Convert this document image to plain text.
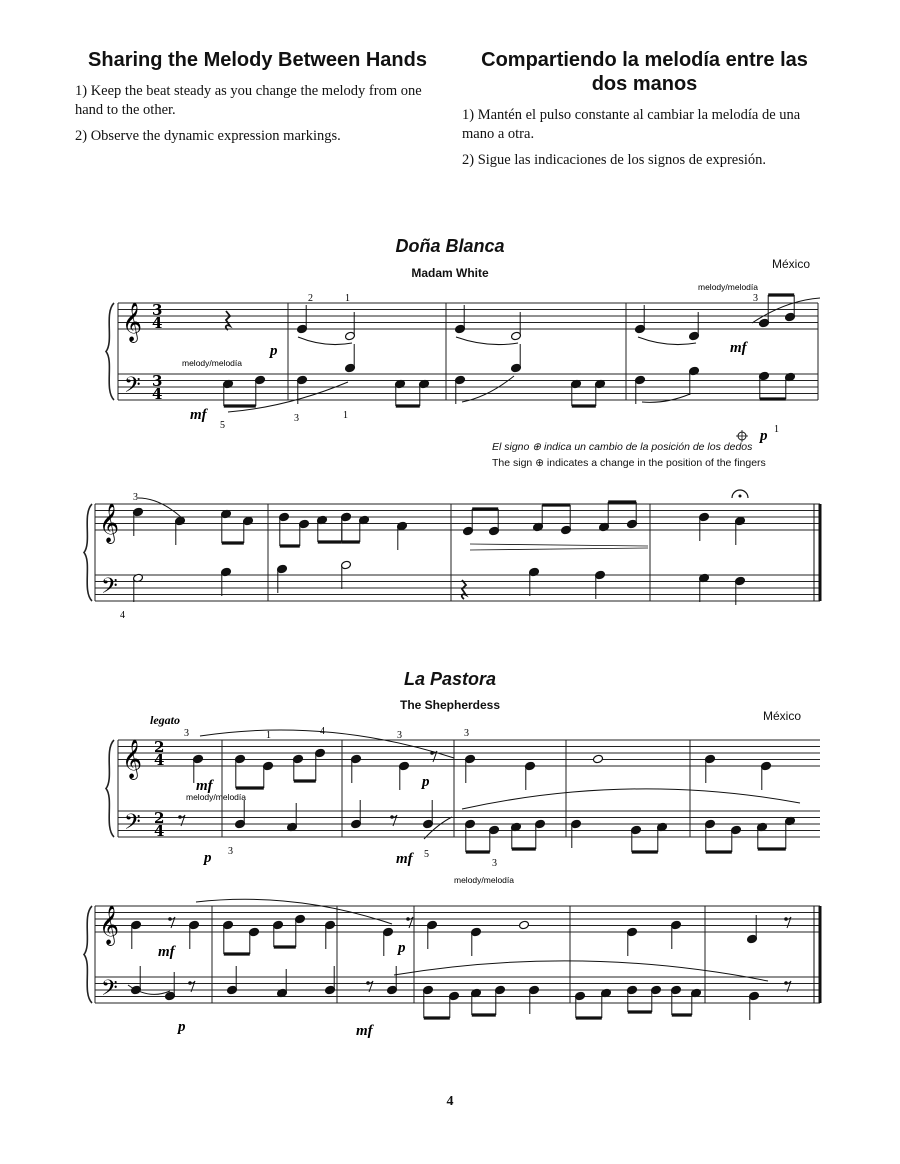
Sharing the Melody Between Hands

1) Keep the beat steady as you change the melody from one hand to the other.

2) Observe the dynamic expression markings.

Compartiendo la melodía entre las dos manos

1) Mantén el pulso constante al cambiar la melodía de una mano a otra.

2) Sigue las indicaciones de los signos de expresión.

Doña Blanca
Madam White
México
El signo ⊕ indica un cambio de la posición de los dedos
The sign ⊕ indicates a change in the position of the fingers
La Pastora
The Shepherdess
México
4
𝄞
𝄢
3
4
3
4
2	1
p
3
mf
melody/melodía
melody/melodía
5
mf	3	1
p 1
𝄞
𝄢
3
4
𝄞
𝄢
2
4
2
4
legato
3
mf
melody/melodía
1	4	3
p
3
p 3	mf 5
3
melody/melodía
𝄞
𝄢
mf	p
p	mf
